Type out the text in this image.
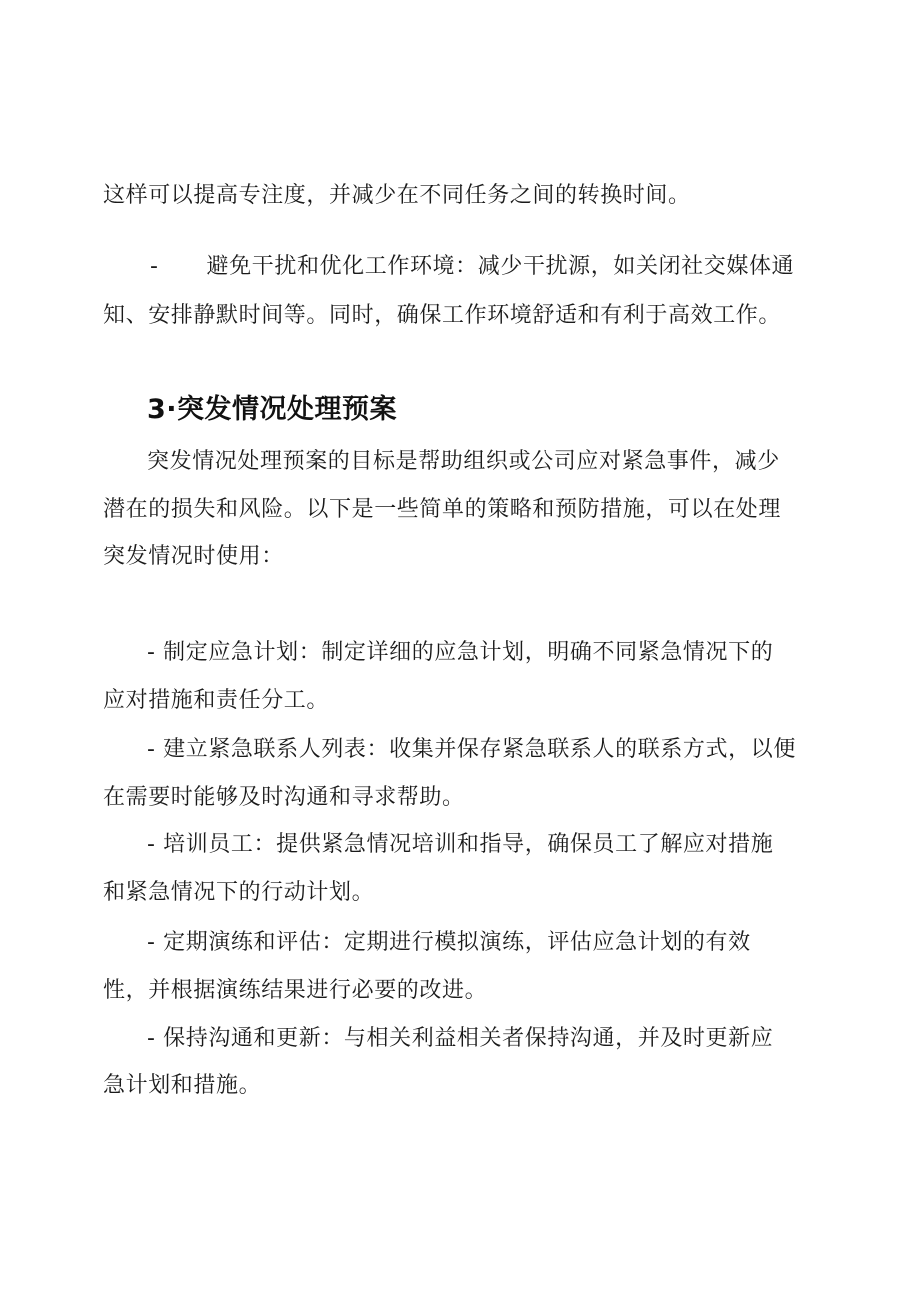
这样可以提高专注度，并减少在不同任务之间的转换时间。
- 避免干扰和优化工作环境：减少干扰源，如关闭社交媒体通
知、安排静默时间等。同时，确保工作环境舒适和有利于高效工作。
3·突发情况处理预案
突发情况处理预案的目标是帮助组织或公司应对紧急事件，减少
潜在的损失和风险。以下是一些简单的策略和预防措施，可以在处理
突发情况时使用：
- 制定应急计划：制定详细的应急计划，明确不同紧急情况下的
应对措施和责任分工。
- 建立紧急联系人列表：收集并保存紧急联系人的联系方式，以便
在需要时能够及时沟通和寻求帮助。
- 培训员工：提供紧急情况培训和指导，确保员工了解应对措施
和紧急情况下的行动计划。
- 定期演练和评估：定期进行模拟演练，评估应急计划的有效
性，并根据演练结果进行必要的改进。
- 保持沟通和更新：与相关利益相关者保持沟通，并及时更新应
急计划和措施。
